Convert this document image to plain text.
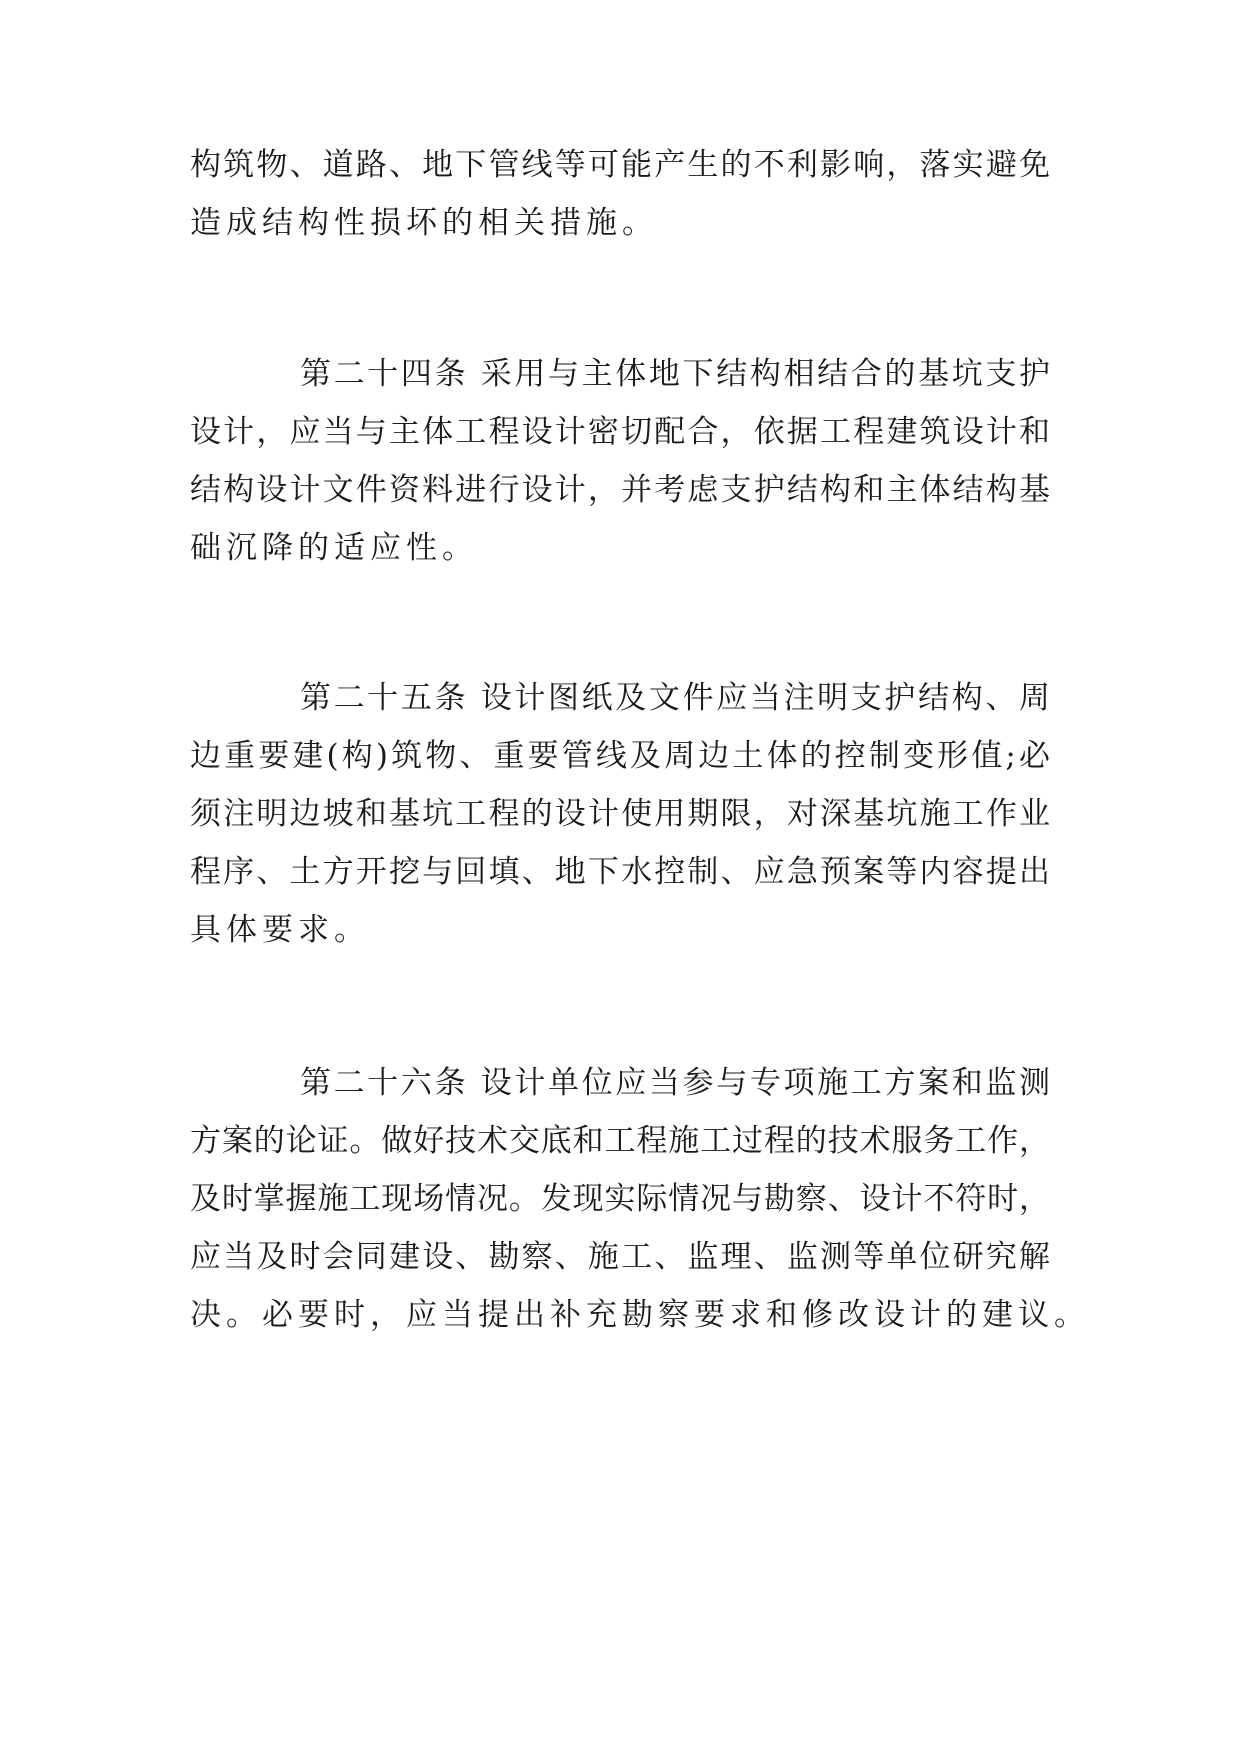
构筑物、道路、地下管线等可能产生的不利影响，落实避免
造成结构性损坏的相关措施。
第二十四条 采用与主体地下结构相结合的基坑支护
设计，应当与主体工程设计密切配合，依据工程建筑设计和
结构设计文件资料进行设计，并考虑支护结构和主体结构基
础沉降的适应性。
第二十五条 设计图纸及文件应当注明支护结构、周
边重要建(构)筑物、重要管线及周边土体的控制变形值;必
须注明边坡和基坑工程的设计使用期限，对深基坑施工作业
程序、土方开挖与回填、地下水控制、应急预案等内容提出
具体要求。
第二十六条 设计单位应当参与专项施工方案和监测
方案的论证。做好技术交底和工程施工过程的技术服务工作，
及时掌握施工现场情况。发现实际情况与勘察、设计不符时，
应当及时会同建设、勘察、施工、监理、监测等单位研究解
决。必要时，应当提出补充勘察要求和修改设计的建议。
